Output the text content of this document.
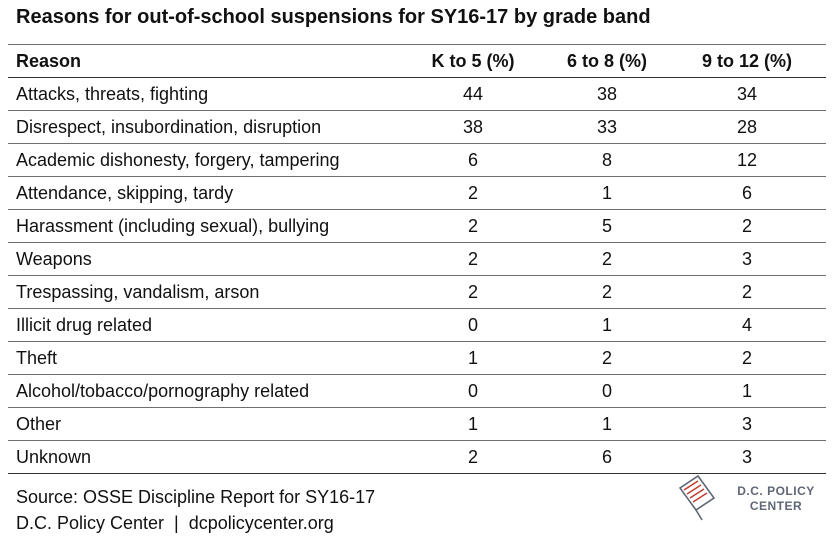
Reasons for out-of-school suspensions for SY16-17 by grade band
Reason	K to 5 (%)	6 to 8 (%)	9 to 12 (%)
Attacks, threats, fighting	44	38	34
Disrespect, insubordination, disruption	38	33	28
Academic dishonesty, forgery, tampering	6	8	12
Attendance, skipping, tardy	2	1	6
Harassment (including sexual), bullying	2	5	2
Weapons	2	2	3
Trespassing, vandalism, arson	2	2	2
Illicit drug related	0	1	4
Theft	1	2	2
Alcohol/tobacco/pornography related	0	0	1
Other	1	1	3
Unknown	2	6	3
Source: OSSE Discipline Report for SY16-17
D.C. Policy Center  |  dcpolicycenter.org
D.C. POLICY
CENTER
